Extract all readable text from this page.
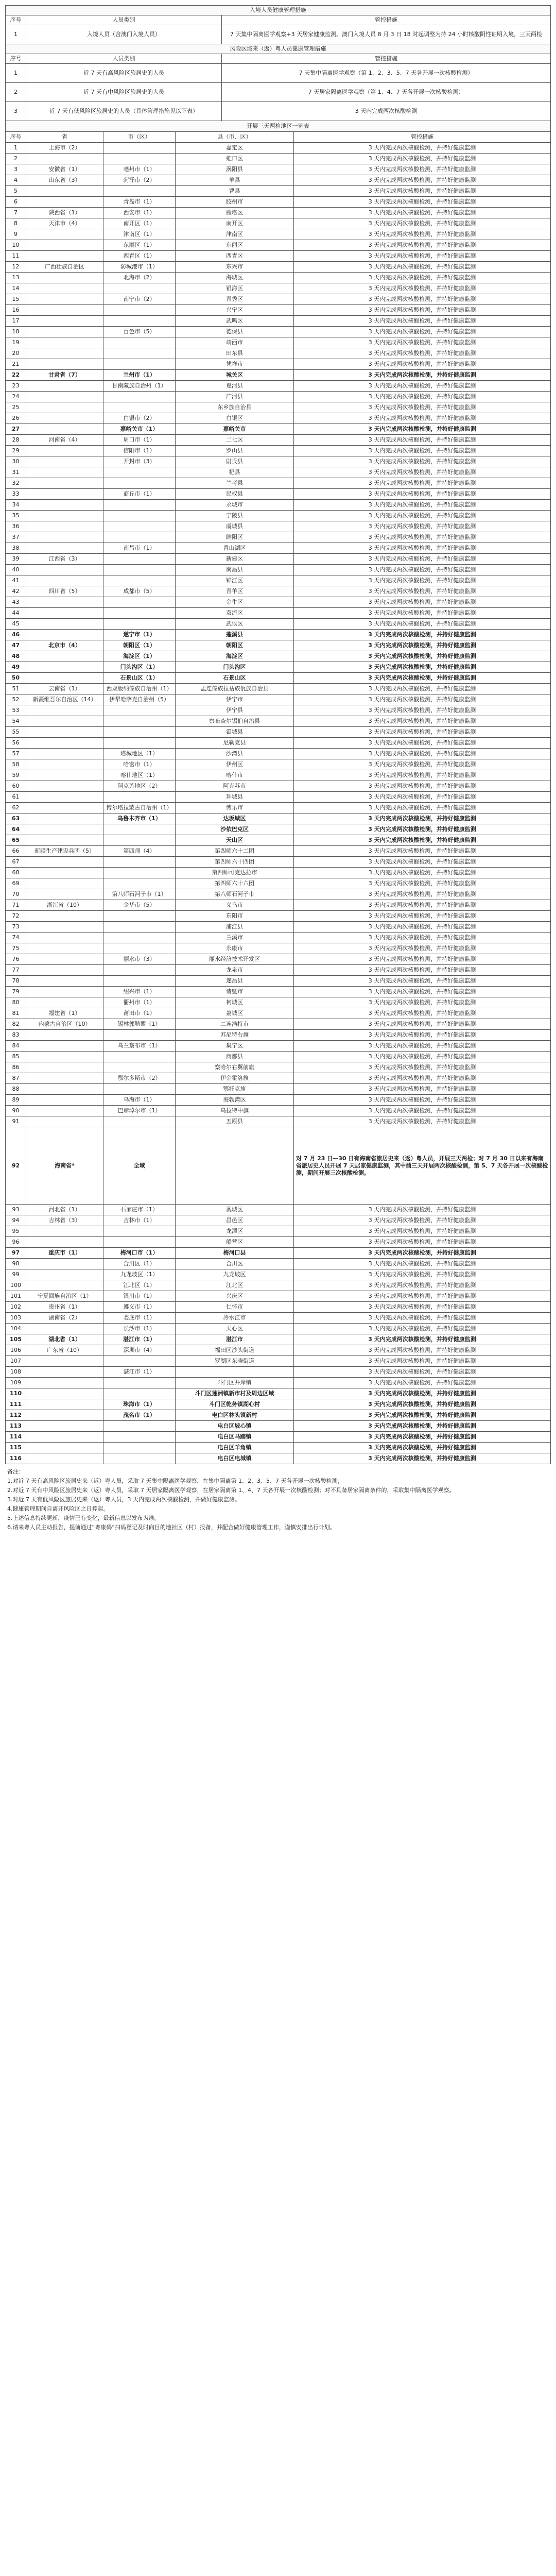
入境人员健康管理措施		
序号	人员类别	管控措施
1	入境人员（含澳门入境人员）	7 天集中隔离医学观察+3 天居家健康监测。澳门入境人员 8 月 3 日 18 时起调整为持 24 小时核酸阴性证明入境，三天两检
风险区域来（返）粤人员健康管理措施		
序号	人员类别	管控措施
1	近 7 天有高风险区旅居史的人员	7 天集中隔离医学观察（第 1、2、3、5、7 天各开展一次核酸检测）
2	近 7 天有中风险区旅居史的人员	7 天居家隔离医学观察（第 1、4、7 天各开展一次核酸检测）
3	近 7 天有低风险区旅居史的人员（具体管理措施见以下表）	3 天内完成两次核酸检测
开展三天两检地区一览表				
序号	省	市（区）	县（市、区）	管控措施
1	上海市（2）		嘉定区	3 天内完成两次核酸检测，并持好健康监测
2			虹口区	3 天内完成两次核酸检测，并持好健康监测
3	安徽省（1）	亳州市（1）	涡阳县	3 天内完成两次核酸检测，并持好健康监测
4	山东省（3）	菏泽市（2）	单县	3 天内完成两次核酸检测，并持好健康监测
5			曹县	3 天内完成两次核酸检测，并持好健康监测
6		青岛市（1）	胶州市	3 天内完成两次核酸检测，并持好健康监测
7	陕西省（1）	西安市（1）	雁塔区	3 天内完成两次核酸检测，并持好健康监测
8	天津市（4）	南开区（1）	南开区	3 天内完成两次核酸检测，并持好健康监测
9		津南区（1）	津南区	3 天内完成两次核酸检测，并持好健康监测
10		东丽区（1）	东丽区	3 天内完成两次核酸检测，并持好健康监测
11		西青区（1）	西青区	3 天内完成两次核酸检测，并持好健康监测
12	广西壮族自治区	防城港市（1）	东兴市	3 天内完成两次核酸检测，并持好健康监测
13		北海市（2）	海城区	3 天内完成两次核酸检测，并持好健康监测
14			银海区	3 天内完成两次核酸检测，并持好健康监测
15		南宁市（2）	青秀区	3 天内完成两次核酸检测，并持好健康监测
16			兴宁区	3 天内完成两次核酸检测，并持好健康监测
17			武鸣区	3 天内完成两次核酸检测，并持好健康监测
18		百色市（5）	德保县	3 天内完成两次核酸检测，并持好健康监测
19			靖西市	3 天内完成两次核酸检测，并持好健康监测
20			田东县	3 天内完成两次核酸检测，并持好健康监测
21			凭祥市	3 天内完成两次核酸检测，并持好健康监测
22	甘肃省（7）	兰州市（1）	城关区	3 天内完成两次核酸检测，并持好健康监测
23		甘南藏族自治州（1）	夏河县	3 天内完成两次核酸检测，并持好健康监测
24			广河县	3 天内完成两次核酸检测，并持好健康监测
25			东乡族自治县	3 天内完成两次核酸检测，并持好健康监测
26		白银市（2）	白银区	3 天内完成两次核酸检测，并持好健康监测
27		嘉峪关市（1）	嘉峪关市	3 天内完成两次核酸检测，并持好健康监测
28	河南省（4）	周口市（1）	二七区	3 天内完成两次核酸检测，并持好健康监测
29		信阳市（1）	罗山县	3 天内完成两次核酸检测，并持好健康监测
30		开封市（3）	尉氏县	3 天内完成两次核酸检测，并持好健康监测
31			杞县	3 天内完成两次核酸检测，并持好健康监测
32			兰考县	3 天内完成两次核酸检测，并持好健康监测
33		商丘市（1）	民权县	3 天内完成两次核酸检测，并持好健康监测
34			永城市	3 天内完成两次核酸检测，并持好健康监测
35			宁陵县	3 天内完成两次核酸检测，并持好健康监测
36			虞城县	3 天内完成两次核酸检测，并持好健康监测
37			睢阳区	3 天内完成两次核酸检测，并持好健康监测
38		南昌市（1）	青山湖区	3 天内完成两次核酸检测，并持好健康监测
39	江西省（3）		新建区	3 天内完成两次核酸检测，并持好健康监测
40			南昌县	3 天内完成两次核酸检测，并持好健康监测
41			锦江区	3 天内完成两次核酸检测，并持好健康监测
42	四川省（5）	成都市（5）	青羊区	3 天内完成两次核酸检测，并持好健康监测
43			金牛区	3 天内完成两次核酸检测，并持好健康监测
44			双流区	3 天内完成两次核酸检测，并持好健康监测
45			武侯区	3 天内完成两次核酸检测，并持好健康监测
46		遂宁市（1）	蓬溪县	3 天内完成两次核酸检测，并持好健康监测
47	北京市（4）	朝阳区（1）	朝阳区	3 天内完成两次核酸检测，并持好健康监测
48		海淀区（1）	海淀区	3 天内完成两次核酸检测，并持好健康监测
49		门头沟区（1）	门头沟区	3 天内完成两次核酸检测，并持好健康监测
50		石景山区（1）	石景山区	3 天内完成两次核酸检测，并持好健康监测
51	云南省（1）	西双版纳傣族自治州（1）	孟连傣族拉祜族佤族自治县	3 天内完成两次核酸检测，并持好健康监测
52	新疆维吾尔自治区（14）	伊犁哈萨克自治州（5）	伊宁市	3 天内完成两次核酸检测，并持好健康监测
53			伊宁县	3 天内完成两次核酸检测，并持好健康监测
54			察布查尔锡伯自治县	3 天内完成两次核酸检测，并持好健康监测
55			霍城县	3 天内完成两次核酸检测，并持好健康监测
56			尼勒克县	3 天内完成两次核酸检测，并持好健康监测
57		塔城地区（1）	沙湾县	3 天内完成两次核酸检测，并持好健康监测
58		哈密市（1）	伊州区	3 天内完成两次核酸检测，并持好健康监测
59		喀什地区（1）	喀什市	3 天内完成两次核酸检测，并持好健康监测
60		阿克苏地区（2）	阿克苏市	3 天内完成两次核酸检测，并持好健康监测
61			拜城县	3 天内完成两次核酸检测，并持好健康监测
62		博尔塔拉蒙古自治州（1）	博乐市	3 天内完成两次核酸检测，并持好健康监测
63		乌鲁木齐市（1）	达坂城区	3 天内完成两次核酸检测，并持好健康监测
64			沙依巴克区	3 天内完成两次核酸检测，并持好健康监测
65			天山区	3 天内完成两次核酸检测，并持好健康监测
66	新疆生产建设兵团（5）	第四师（4）	第四师六十二团	3 天内完成两次核酸检测，并持好健康监测
67			第四师六十四团	3 天内完成两次核酸检测，并持好健康监测
68			第四师可克达拉市	3 天内完成两次核酸检测，并持好健康监测
69			第四师六十六团	3 天内完成两次核酸检测，并持好健康监测
70		第八师石河子市（1）	第八师石河子市	3 天内完成两次核酸检测，并持好健康监测
71	浙江省（10）	金华市（5）	义乌市	3 天内完成两次核酸检测，并持好健康监测
72			东阳市	3 天内完成两次核酸检测，并持好健康监测
73			浦江县	3 天内完成两次核酸检测，并持好健康监测
74			兰溪市	3 天内完成两次核酸检测，并持好健康监测
75			永康市	3 天内完成两次核酸检测，并持好健康监测
76		丽水市（3）	丽水经济技术开发区	3 天内完成两次核酸检测，并持好健康监测
77			龙泉市	3 天内完成两次核酸检测，并持好健康监测
78			遂昌县	3 天内完成两次核酸检测，并持好健康监测
79		绍兴市（1）	诸暨市	3 天内完成两次核酸检测，并持好健康监测
80		衢州市（1）	柯城区	3 天内完成两次核酸检测，并持好健康监测
81	福建省（1）	莆田市（1）	荔城区	3 天内完成两次核酸检测，并持好健康监测
82	内蒙古自治区（10）	锡林郭勒盟（1）	二连浩特市	3 天内完成两次核酸检测，并持好健康监测
83			苏尼特右旗	3 天内完成两次核酸检测，并持好健康监测
84		乌兰察布市（1）	集宁区	3 天内完成两次核酸检测，并持好健康监测
85			商都县	3 天内完成两次核酸检测，并持好健康监测
86			察哈尔右翼前旗	3 天内完成两次核酸检测，并持好健康监测
87		鄂尔多斯市（2）	伊金霍洛旗	3 天内完成两次核酸检测，并持好健康监测
88			鄂托克旗	3 天内完成两次核酸检测，并持好健康监测
89		乌海市（1）	海勃湾区	3 天内完成两次核酸检测，并持好健康监测
90		巴彦淖尔市（1）	乌拉特中旗	3 天内完成两次核酸检测，并持好健康监测
91			五原县	3 天内完成两次核酸检测，并持好健康监测
92	海南省*	全域		对 7 月 23 日—30 日有海南省旅居史来（返）粤人员，开展三天两检；对 7 月 30 日以来有海南省旅居史人员开展 7 天居家健康监测，其中前三天开展两次核酸检测，第 5、7 天各开展一次核酸检测，期间开展三次核酸检测。
93	河北省（1）	石家庄市（1）	藁城区	3 天内完成两次核酸检测，并持好健康监测
94	吉林省（3）	吉林市（1）	昌邑区	3 天内完成两次核酸检测，并持好健康监测
95			龙潭区	3 天内完成两次核酸检测，并持好健康监测
96			船营区	3 天内完成两次核酸检测，并持好健康监测
97	重庆市（1）	梅河口市（1）	梅河口县	3 天内完成两次核酸检测，并持好健康监测
98		合川区（1）	合川区	3 天内完成两次核酸检测，并持好健康监测
99		九龙坡区（1）	九龙坡区	3 天内完成两次核酸检测，并持好健康监测
100		江北区（1）	江北区	3 天内完成两次核酸检测，并持好健康监测
101	宁夏回族自治区（1）	银川市（1）	兴庆区	3 天内完成两次核酸检测，并持好健康监测
102	贵州省（1）	遵义市（1）	仁怀市	3 天内完成两次核酸检测，并持好健康监测
103	湖南省（2）	娄底市（1）	冷水江市	3 天内完成两次核酸检测，并持好健康监测
104		长沙市（1）	天心区	3 天内完成两次核酸检测，并持好健康监测
105	湖北省（1）	湛江市（1）	湛江市	3 天内完成两次核酸检测，并持好健康监测
106	广东省（10）	深圳市（4）	福田区沙头街道	3 天内完成两次核酸检测，并持好健康监测
107			罗湖区东晓街道	3 天内完成两次核酸检测，并持好健康监测
108		湛江市（1）		3 天内完成两次核酸检测，并持好健康监测
109			斗门区井岸镇	3 天内完成两次核酸检测，并持好健康监测
110			斗门区莲洲镇新市村及周边区域	3 天内完成两次核酸检测，并持好健康监测
111		珠海市（1）	斗门区乾务镇湖心村	3 天内完成两次核酸检测，并持好健康监测
112		茂名市（1）	电白区林头镇新村	3 天内完成两次核酸检测，并持好健康监测
113			电白区坡心镇	3 天内完成两次核酸检测，并持好健康监测
114			电白区马踏镇	3 天内完成两次核酸检测，并持好健康监测
115			电白区羊角镇	3 天内完成两次核酸检测，并持好健康监测
116			电白区电城镇	3 天内完成两次核酸检测，并持好健康监测
备注：
1.对近 7 天有高风险区旅居史来（返）粤人员，采取 7 天集中隔离医学观察，在集中隔离第 1、2、3、5、7 天各开展一次核酸检测；
2.对近 7 天有中风险区旅居史来（返）粤人员，采取 7 天居家隔离医学观察，在居家隔离第 1、4、7 天各开展一次核酸检测；对不具备居家隔离条件的，采取集中隔离医学观察。
3.对近 7 天有低风险区旅居史来（返）粤人员，3 天内完成两次核酸检测，并做好健康监测。
4.健康管理期间自离开风险区之日算起。
5.上述信息持续更新，疫情已有变化，最新信息以发布为准。
6.请来粤人员主动报告，提前通过“粤康码”扫码登记及时向目的地社区（村）报备，并配合做好健康管理工作，谨慎安排出行计划。
